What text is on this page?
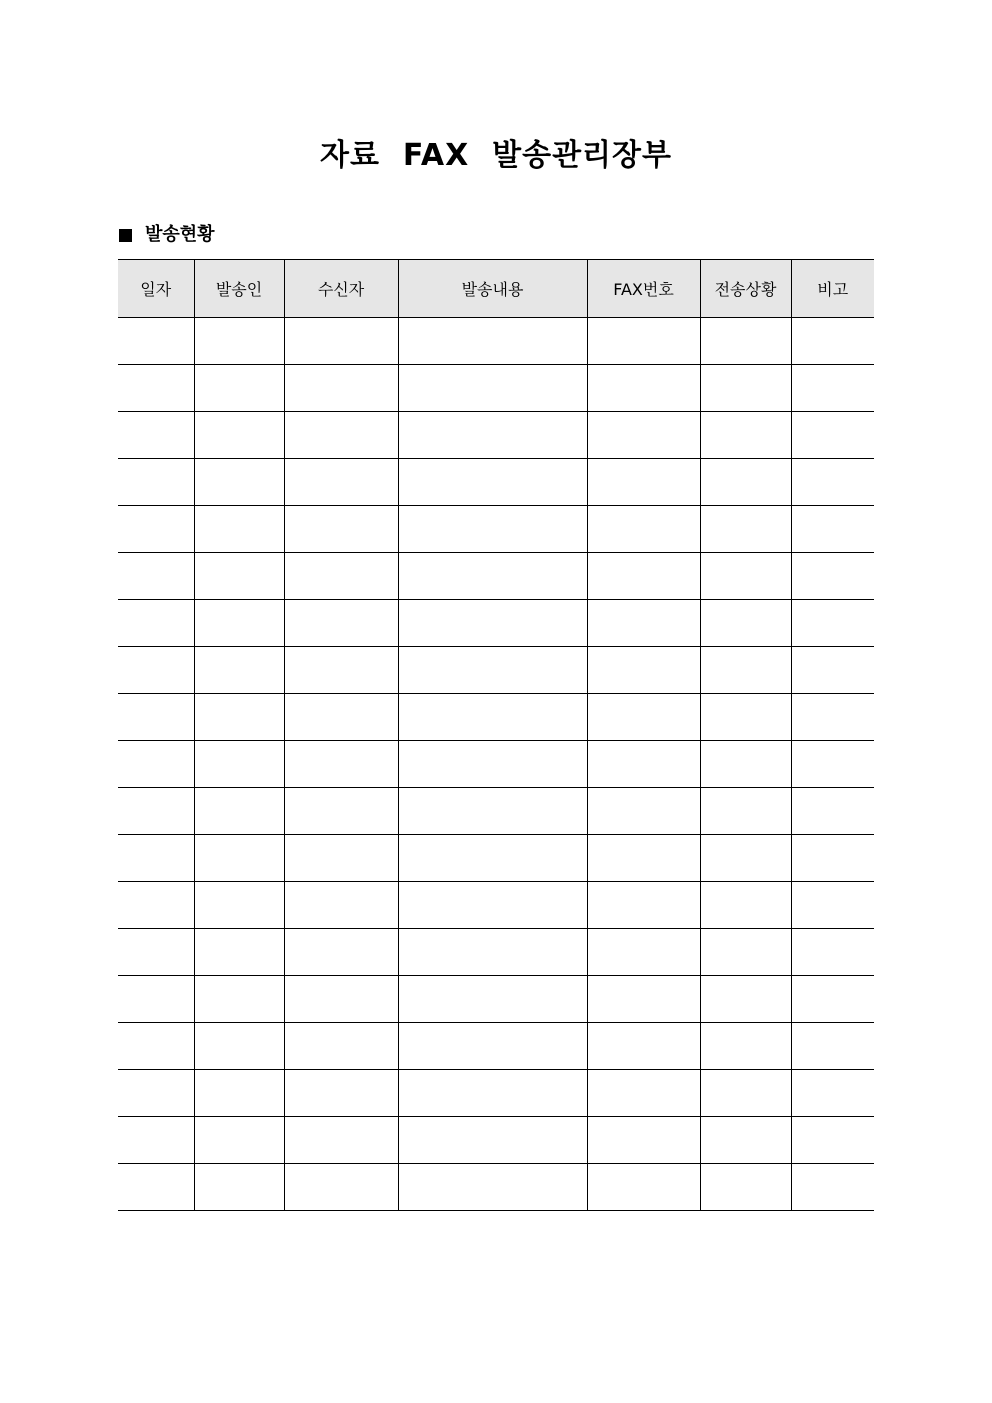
자료  FAX  발송관리장부
발송현황
일자	발송인	수신자	발송내용	FAX번호	전송상황	비고
